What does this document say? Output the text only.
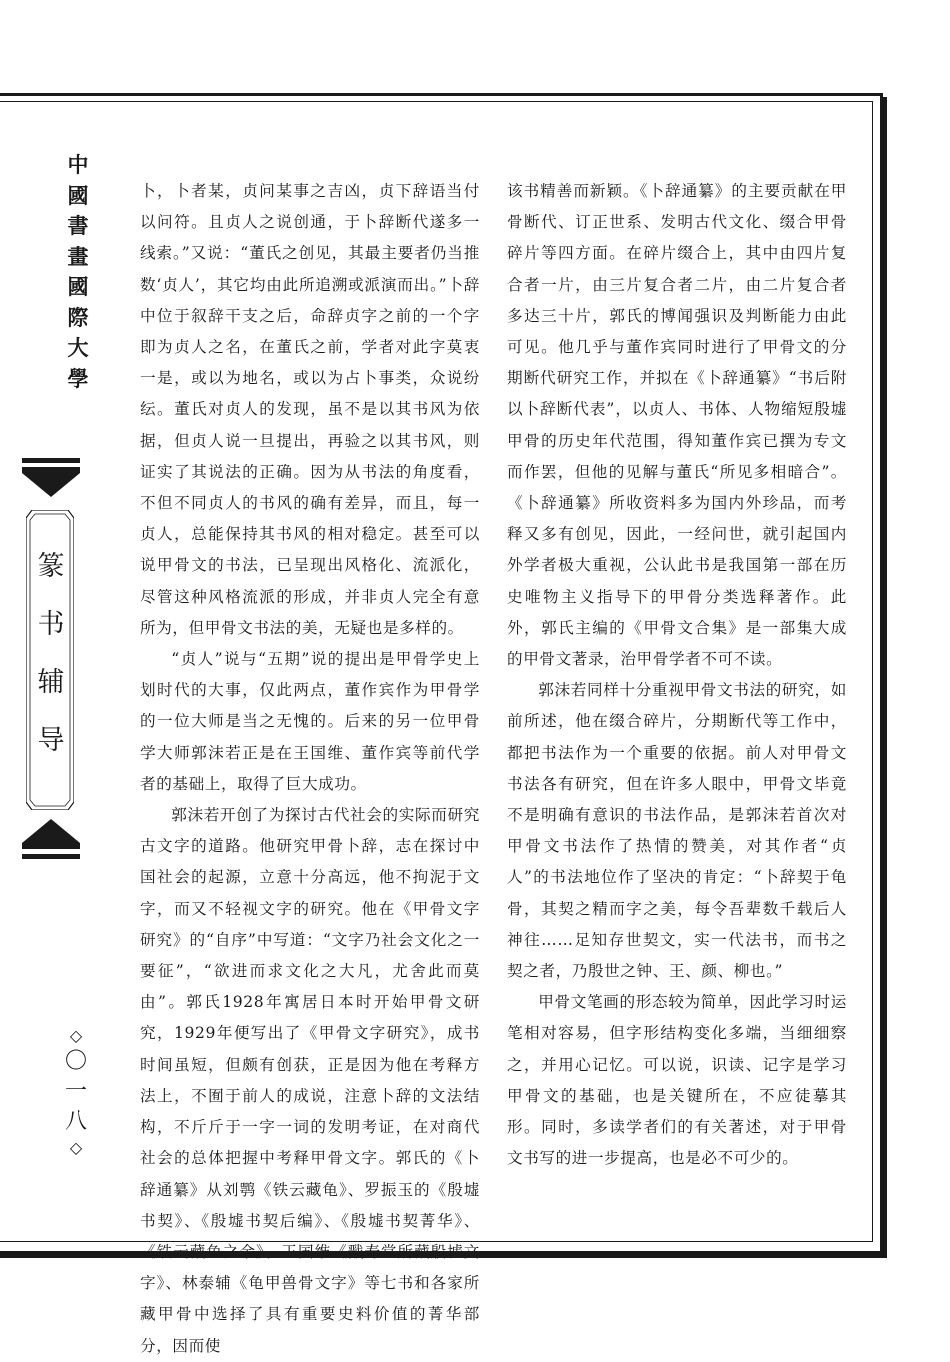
中
國
書
畫
國
際
大
學
篆
书
辅
导
◇
〇
一
八
◇

卜，卜者某，贞问某事之吉凶，贞下辞语当付以问符。且贞人之说创通，于卜辞断代遂多一线索。”又说：“董氏之创见，其最主要者仍当推数‘贞人’，其它均由此所追溯或派演而出。”卜辞中位于叙辞干支之后，命辞贞字之前的一个字即为贞人之名，在董氏之前，学者对此字莫衷一是，或以为地名，或以为占卜事类，众说纷纭。董氏对贞人的发现，虽不是以其书风为依据，但贞人说一旦提出，再验之以其书风，则证实了其说法的正确。因为从书法的角度看，不但不同贞人的书风的确有差异，而且，每一贞人，总能保持其书风的相对稳定。甚至可以说甲骨文的书法，已呈现出风格化、流派化，尽管这种风格流派的形成，并非贞人完全有意所为，但甲骨文书法的美，无疑也是多样的。

“贞人”说与“五期”说的提出是甲骨学史上划时代的大事，仅此两点，董作宾作为甲骨学的一位大师是当之无愧的。后来的另一位甲骨学大师郭沫若正是在王国维、董作宾等前代学者的基础上，取得了巨大成功。

郭沫若开创了为探讨古代社会的实际而研究古文字的道路。他研究甲骨卜辞，志在探讨中国社会的起源，立意十分高远，他不拘泥于文字，而又不轻视文字的研究。他在《甲骨文字研究》的“自序”中写道：“文字乃社会文化之一要征”，“欲进而求文化之大凡，尤舍此而莫由”。郭氏1928年寓居日本时开始甲骨文研究，1929年便写出了《甲骨文字研究》，成书时间虽短，但颇有创获，正是因为他在考释方法上，不囿于前人的成说，注意卜辞的文法结构，不斤斤于一字一词的发明考证，在对商代社会的总体把握中考释甲骨文字。郭氏的《卜辞通纂》从刘鹗《铁云藏龟》、罗振玉的《殷墟书契》、《殷墟书契后编》、《殷墟书契菁华》、《铁云藏龟之余》、王国维《戬寿堂所藏殷墟文字》、林泰辅《龟甲兽骨文字》等七书和各家所藏甲骨中选择了具有重要史料价值的菁华部分，因而使

该书精善而新颖。《卜辞通纂》的主要贡献在甲骨断代、订正世系、发明古代文化、缀合甲骨碎片等四方面。在碎片缀合上，其中由四片复合者一片，由三片复合者二片，由二片复合者多达三十片，郭氏的博闻强识及判断能力由此可见。他几乎与董作宾同时进行了甲骨文的分期断代研究工作，并拟在《卜辞通纂》“书后附以卜辞断代表”，以贞人、书体、人物缩短殷墟甲骨的历史年代范围，得知董作宾已撰为专文而作罢，但他的见解与董氏“所见多相暗合”。《卜辞通纂》所收资料多为国内外珍品，而考释又多有创见，因此，一经问世，就引起国内外学者极大重视，公认此书是我国第一部在历史唯物主义指导下的甲骨分类选释著作。此外，郭氏主编的《甲骨文合集》是一部集大成的甲骨文著录，治甲骨学者不可不读。

郭沫若同样十分重视甲骨文书法的研究，如前所述，他在缀合碎片，分期断代等工作中，都把书法作为一个重要的依据。前人对甲骨文书法各有研究，但在许多人眼中，甲骨文毕竟不是明确有意识的书法作品，是郭沫若首次对甲骨文书法作了热情的赞美，对其作者“贞人”的书法地位作了坚决的肯定：“卜辞契于龟骨，其契之精而字之美，每令吾辈数千载后人神往……足知存世契文，实一代法书，而书之契之者，乃殷世之钟、王、颜、柳也。”

甲骨文笔画的形态较为简单，因此学习时运笔相对容易，但字形结构变化多端，当细细察之，并用心记忆。可以说，识读、记字是学习甲骨文的基础，也是关键所在，不应徒摹其形。同时，多读学者们的有关著述，对于甲骨文书写的进一步提高，也是必不可少的。
